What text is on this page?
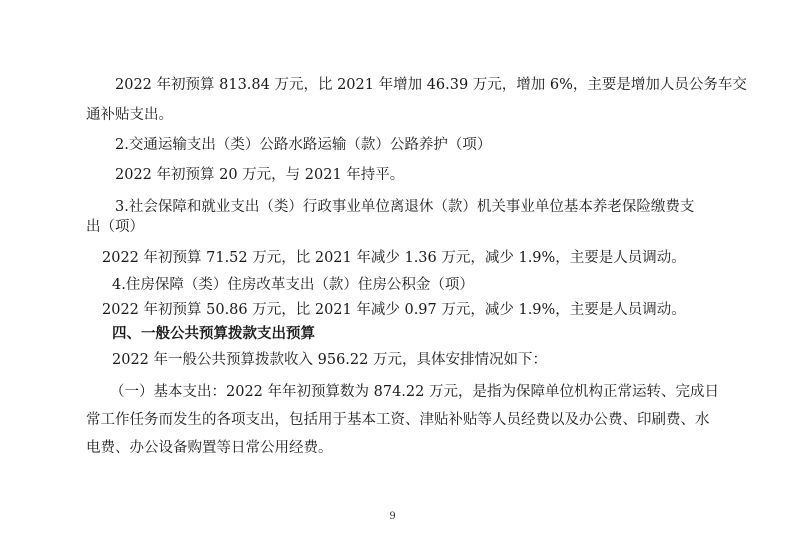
2022 年初预算 813.84 万元，比 2021 年增加 46.39 万元，增加 6%，主要是增加人员公务车交
通补贴支出。
2.交通运输支出（类）公路水路运输（款）公路养护（项）
2022 年初预算 20 万元，与 2021 年持平。
3.社会保障和就业支出（类）行政事业单位离退休（款）机关事业单位基本养老保险缴费支
出（项）
2022 年初预算 71.52 万元，比 2021 年减少 1.36 万元，减少 1.9%，主要是人员调动。
4.住房保障（类）住房改革支出（款）住房公积金（项）
2022 年初预算 50.86 万元，比 2021 年减少 0.97 万元，减少 1.9%，主要是人员调动。
四、一般公共预算拨款支出预算
2022 年一般公共预算拨款收入 956.22 万元，具体安排情况如下：
（一）基本支出：2022 年年初预算数为 874.22 万元，是指为保障单位机构正常运转、完成日
常工作任务而发生的各项支出，包括用于基本工资、津贴补贴等人员经费以及办公费、印刷费、水
电费、办公设备购置等日常公用经费。
9
